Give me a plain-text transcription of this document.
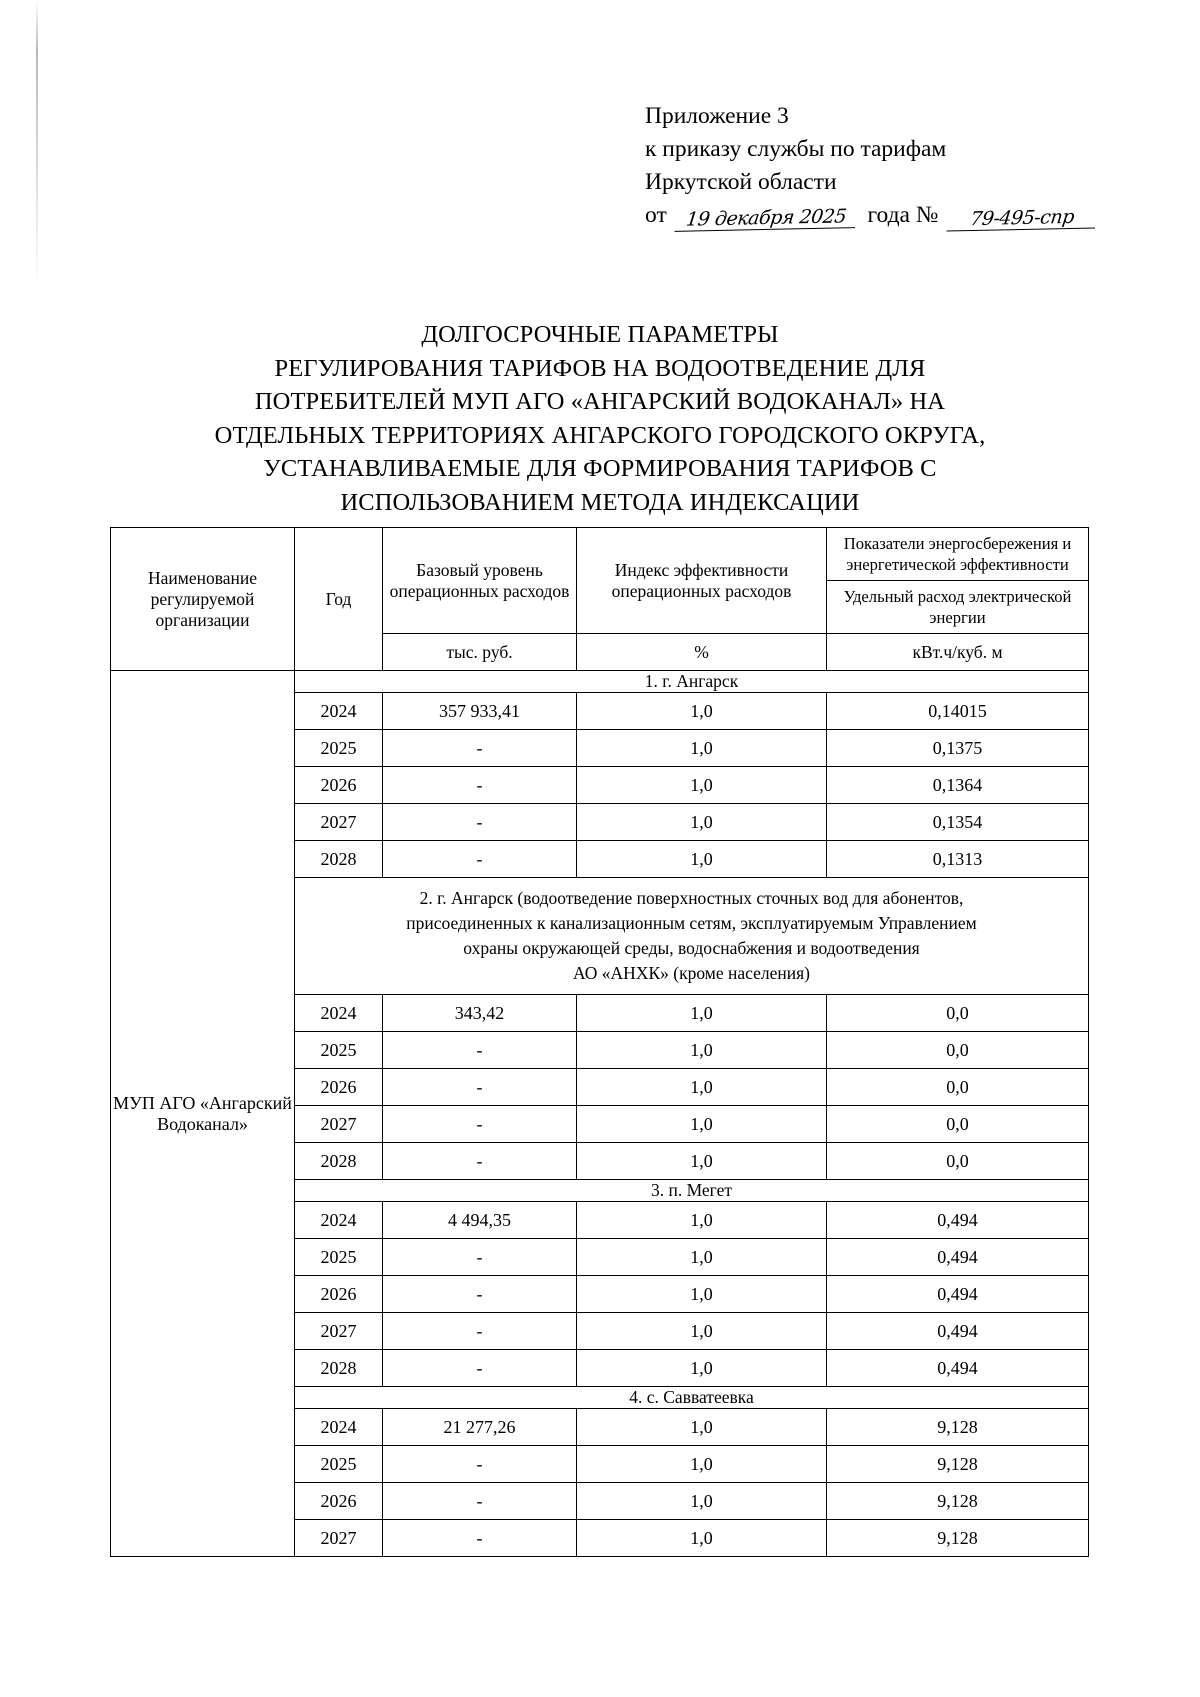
Приложение 3
к приказу службы по тарифам
Иркутской области
от 19 декабря 2025 года № 79-495-спр
ДОЛГОСРОЧНЫЕ ПАРАМЕТРЫ
РЕГУЛИРОВАНИЯ ТАРИФОВ НА ВОДООТВЕДЕНИЕ ДЛЯ
ПОТРЕБИТЕЛЕЙ МУП АГО «АНГАРСКИЙ ВОДОКАНАЛ» НА
ОТДЕЛЬНЫХ ТЕРРИТОРИЯХ АНГАРСКОГО ГОРОДСКОГО ОКРУГА,
УСТАНАВЛИВАЕМЫЕ ДЛЯ ФОРМИРОВАНИЯ ТАРИФОВ С
ИСПОЛЬЗОВАНИЕМ МЕТОДА ИНДЕКСАЦИИ
Наименование регулируемой организации	Год	Базовый уровень операционных расходов	Индекс эффективности операционных расходов	Показатели энергосбережения и энергетической эффективности
				Удельный расход электрической энергии
		тыс. руб.	%	кВт.ч/куб. м
МУП АГО «Ангарский Водоканал»	1. г. Ангарск			
	2024	357 933,41	1,0	0,14015
	2025	-	1,0	0,1375
	2026	-	1,0	0,1364
	2027	-	1,0	0,1354
	2028	-	1,0	0,1313

	2. г. Ангарск (водоотведение поверхностных сточных вод для абонентов,
присоединенных к канализационным сетям, эксплуатируемым Управлением
охраны окружающей среды, водоснабжения и водоотведения
АО «АНХК» (кроме населения)			

	2024	343,42	1,0	0,0
	2025	-	1,0	0,0
	2026	-	1,0	0,0
	2027	-	1,0	0,0
	2028	-	1,0	0,0
	3. п. Мегет			
	2024	4 494,35	1,0	0,494
	2025	-	1,0	0,494
	2026	-	1,0	0,494
	2027	-	1,0	0,494
	2028	-	1,0	0,494
	4. с. Савватеевка			
	2024	21 277,26	1,0	9,128
	2025	-	1,0	9,128
	2026	-	1,0	9,128
	2027	-	1,0	9,128
